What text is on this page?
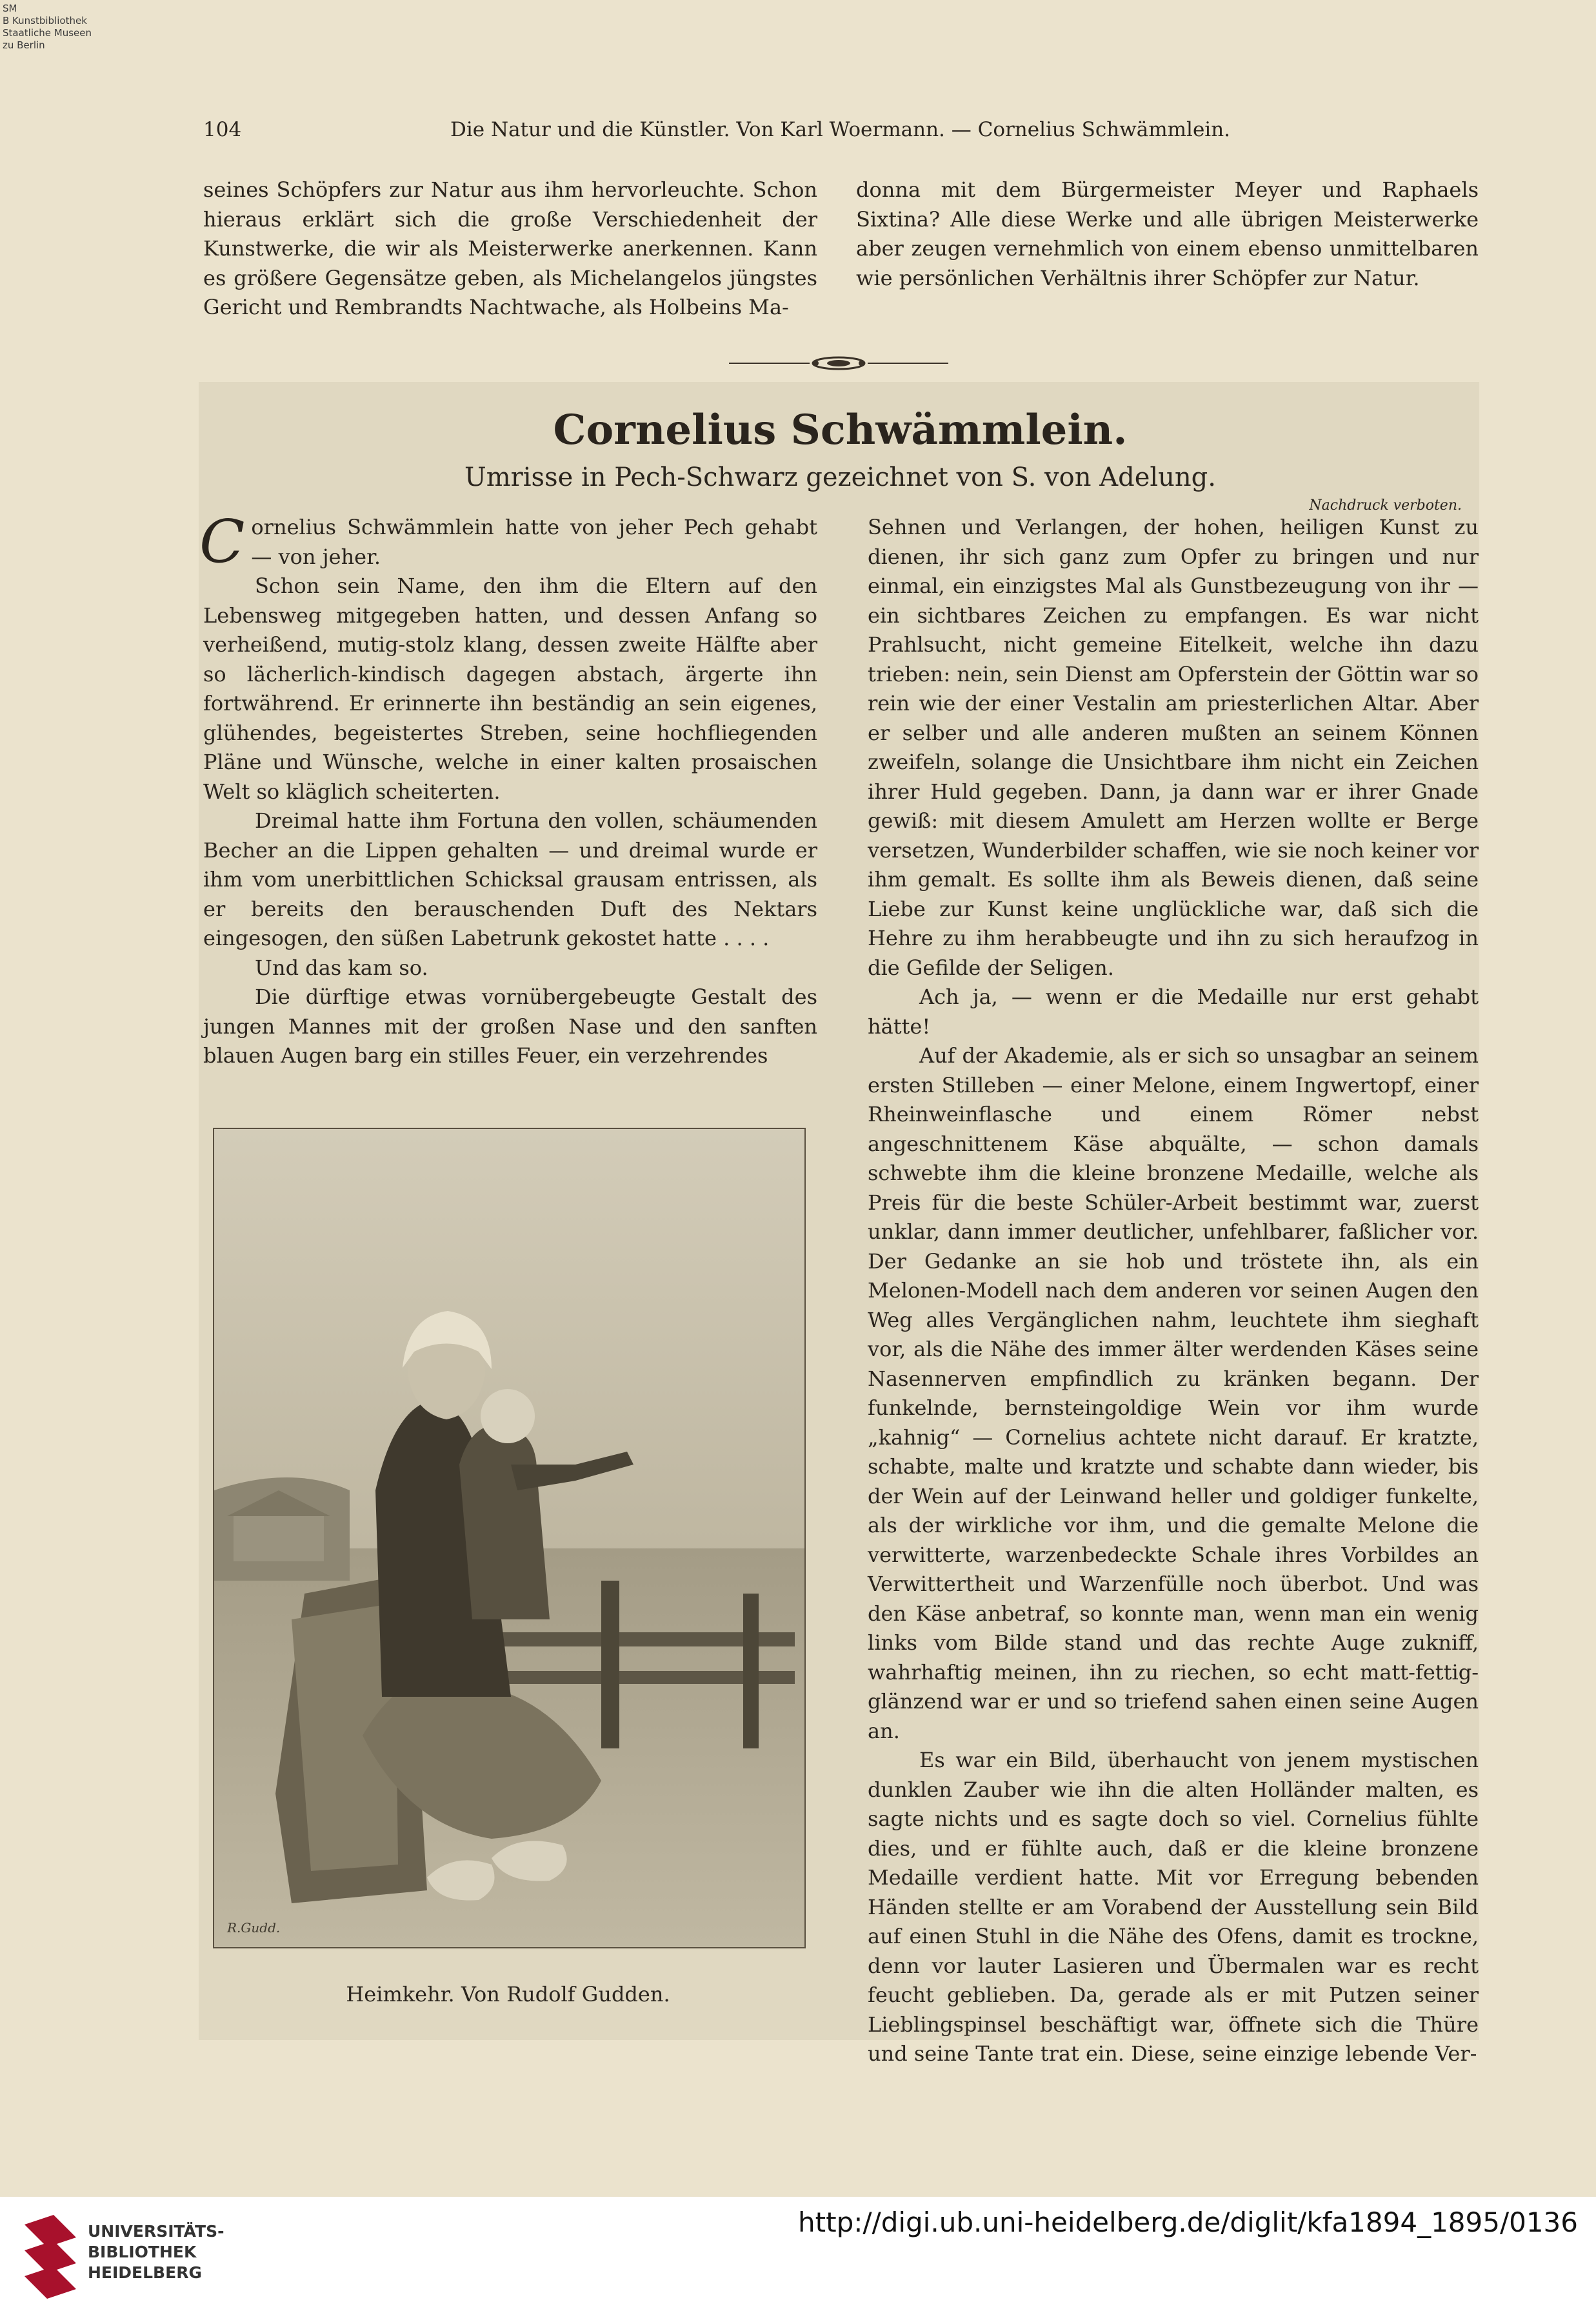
SM
B Kunstbibliothek
Staatliche Museen
zu Berlin
104	Die Natur und die Künstler. Von Karl Woermann. — Cornelius Schwämmlein.

seines Schöpfers zur Natur aus ihm hervorleuchte. Schon hieraus erklärt sich die große Verschiedenheit der Kunstwerke, die wir als Meisterwerke anerkennen. Kann es größere Gegensätze geben, als Michelangelos jüngstes Gericht und Rembrandts Nachtwache, als Holbeins Ma-

donna mit dem Bürgermeister Meyer und Raphaels Sixtina? Alle diese Werke und alle übrigen Meisterwerke aber zeugen vernehmlich von einem ebenso unmittelbaren wie persönlichen Verhältnis ihrer Schöpfer zur Natur.

Cornelius Schwämmlein.
Umrisse in Pech-Schwarz gezeichnet von S. von Adelung.
Nachdruck verboten.

C ornelius Schwämmlein hatte von jeher Pech gehabt — von jeher.

Schon sein Name, den ihm die Eltern auf den Lebensweg mitgegeben hatten, und dessen Anfang so verheißend, mutig-stolz klang, dessen zweite Hälfte aber so lächerlich-kindisch dagegen abstach, ärgerte ihn fortwährend. Er erinnerte ihn beständig an sein eigenes, glühendes, begeistertes Streben, seine hochfliegenden Pläne und Wünsche, welche in einer kalten prosaischen Welt so kläglich scheiterten.

Dreimal hatte ihm Fortuna den vollen, schäumenden Becher an die Lippen gehalten — und dreimal wurde er ihm vom unerbittlichen Schicksal grausam entrissen, als er bereits den berauschenden Duft des Nektars eingesogen, den süßen Labetrunk gekostet hatte . . . .

Und das kam so.

Die dürftige etwas vornübergebeugte Gestalt des jungen Mannes mit der großen Nase und den sanften blauen Augen barg ein stilles Feuer, ein verzehrendes

R.Gudd.
Heimkehr. Von Rudolf Gudden.

Sehnen und Verlangen, der hohen, heiligen Kunst zu dienen, ihr sich ganz zum Opfer zu bringen und nur einmal, ein einzigstes Mal als Gunstbezeugung von ihr — ein sichtbares Zeichen zu empfangen. Es war nicht Prahlsucht, nicht gemeine Eitelkeit, welche ihn dazu trieben: nein, sein Dienst am Opferstein der Göttin war so rein wie der einer Vestalin am priesterlichen Altar. Aber er selber und alle anderen mußten an seinem Können zweifeln, solange die Unsichtbare ihm nicht ein Zeichen ihrer Huld gegeben. Dann, ja dann war er ihrer Gnade gewiß: mit diesem Amulett am Herzen wollte er Berge versetzen, Wunderbilder schaffen, wie sie noch keiner vor ihm gemalt. Es sollte ihm als Beweis dienen, daß seine Liebe zur Kunst keine unglückliche war, daß sich die Hehre zu ihm herabbeugte und ihn zu sich heraufzog in die Gefilde der Seligen.

Ach ja, — wenn er die Medaille nur erst gehabt hätte!

Auf der Akademie, als er sich so unsagbar an seinem ersten Stilleben — einer Melone, einem Ingwertopf, einer Rheinweinflasche und einem Römer nebst angeschnittenem Käse abquälte, — schon damals schwebte ihm die kleine bronzene Medaille, welche als Preis für die beste Schüler-Arbeit bestimmt war, zuerst unklar, dann immer deutlicher, unfehlbarer, faßlicher vor. Der Gedanke an sie hob und tröstete ihn, als ein Melonen-Modell nach dem anderen vor seinen Augen den Weg alles Vergänglichen nahm, leuchtete ihm sieghaft vor, als die Nähe des immer älter werdenden Käses seine Nasennerven empfindlich zu kränken begann. Der funkelnde, bernsteingoldige Wein vor ihm wurde „kahnig“ — Cornelius achtete nicht darauf. Er kratzte, schabte, malte und kratzte und schabte dann wieder, bis der Wein auf der Leinwand heller und goldiger funkelte, als der wirkliche vor ihm, und die gemalte Melone die verwitterte, warzenbedeckte Schale ihres Vorbildes an Verwittertheit und Warzenfülle noch überbot. Und was den Käse anbetraf, so konnte man, wenn man ein wenig links vom Bilde stand und das rechte Auge zukniff, wahrhaftig meinen, ihn zu riechen, so echt matt-fettig-glänzend war er und so triefend sahen einen seine Augen an.

Es war ein Bild, überhaucht von jenem mystischen dunklen Zauber wie ihn die alten Holländer malten, es sagte nichts und es sagte doch so viel. Cornelius fühlte dies, und er fühlte auch, daß er die kleine bronzene Medaille verdient hatte. Mit vor Erregung bebenden Händen stellte er am Vorabend der Ausstellung sein Bild auf einen Stuhl in die Nähe des Ofens, damit es trockne, denn vor lauter Lasieren und Übermalen war es recht feucht geblieben. Da, gerade als er mit Putzen seiner Lieblingspinsel beschäftigt war, öffnete sich die Thüre und seine Tante trat ein. Diese, seine einzige lebende Ver-

UNIVERSITÄTS-
BIBLIOTHEK
HEIDELBERG
http://digi.ub.uni-heidelberg.de/diglit/kfa1894_1895/0136
